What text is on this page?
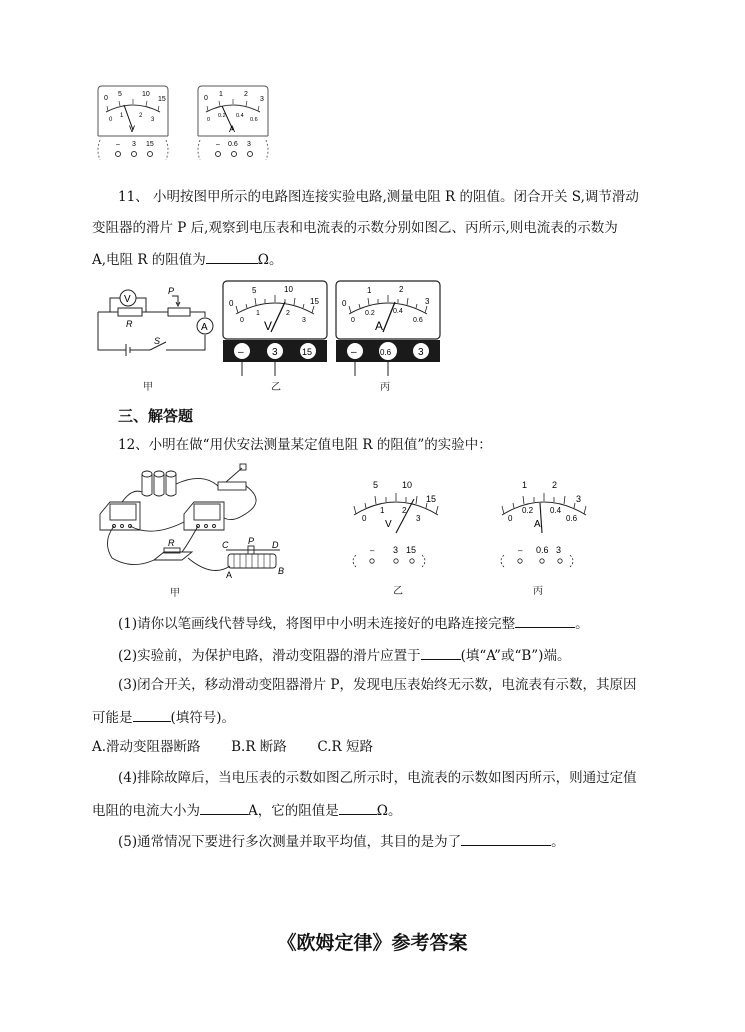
0
5	10
15
0
1	2
3
V
– 3 15
0
1	2
3
0
0.2 0.4
0.6
A
– 0.6 3
11、 小明按图甲所示的电路图连接实验电路,测量电阻 R 的阻值。闭合开关 S,调节滑动
变阻器的滑片 P 后,观察到电压表和电流表的示数分别如图乙、丙所示,则电流表的示数为
A,电阻 R 的阻值为	Ω。
V
A
R
P
S
甲
0
5	10
15
0
1	2
3
V
–	3	15
乙
0
1	2
3
0
0.2	0.4
0.6
A
–	0.6	3
丙
三、解答题
12、小明在做“用伏安法测量某定值电阻 R 的阻值”的实验中：
R
A
C P D
B
甲
5	10
15
0
1 2
3
V
– 3 15
乙
1	2
3
0
0.2 0.4
0.6
A
– 0.6 3
丙
(1)请你以笔画线代替导线，将图甲中小明未连接好的电路连接完整	。
(2)实验前，为保护电路，滑动变阻器的滑片应置于	(填“A”或“B”)端。
(3)闭合开关，移动滑动变阻器滑片 P，发现电压表始终无示数，电流表有示数，其原因
可能是	(填符号)。
A.滑动变阻器断路 B.R 断路 C.R 短路
(4)排除故障后，当电压表的示数如图乙所示时，电流表的示数如图丙所示，则通过定值
电阻的电流大小为	A，它的阻值是	Ω。
(5)通常情况下要进行多次测量并取平均值，其目的是为了	。
《欧姆定律》参考答案
